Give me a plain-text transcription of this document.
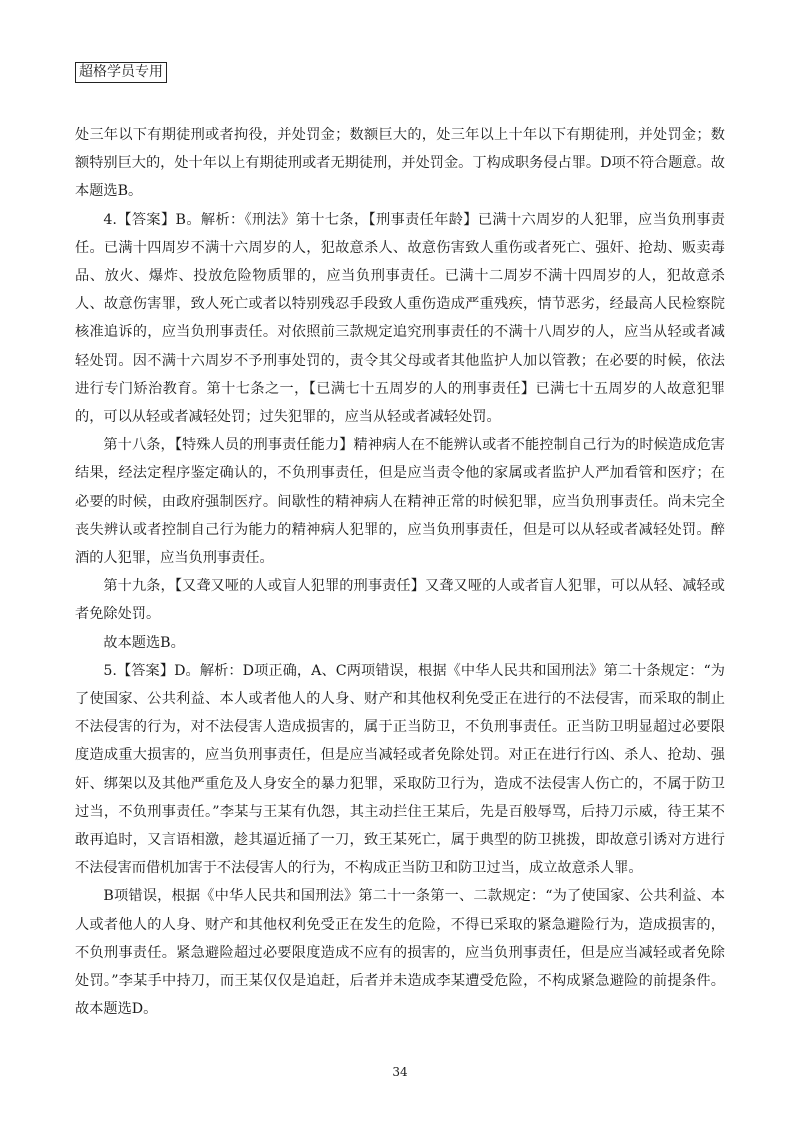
超格学员专用

处三年以下有期徒刑或者拘役，并处罚金；数额巨大的，处三年以上十年以下有期徒刑，并处罚金；数额特别巨大的，处十年以上有期徒刑或者无期徒刑，并处罚金。丁构成职务侵占罪。D项不符合题意。故本题选B。

4.【答案】B。解析：《刑法》第十七条，【刑事责任年龄】已满十六周岁的人犯罪，应当负刑事责任。已满十四周岁不满十六周岁的人，犯故意杀人、故意伤害致人重伤或者死亡、强奸、抢劫、贩卖毒品、放火、爆炸、投放危险物质罪的，应当负刑事责任。已满十二周岁不满十四周岁的人，犯故意杀人、故意伤害罪，致人死亡或者以特别残忍手段致人重伤造成严重残疾，情节恶劣，经最高人民检察院核准追诉的，应当负刑事责任。对依照前三款规定追究刑事责任的不满十八周岁的人，应当从轻或者减轻处罚。因不满十六周岁不予刑事处罚的，责令其父母或者其他监护人加以管教；在必要的时候，依法进行专门矫治教育。第十七条之一，【已满七十五周岁的人的刑事责任】已满七十五周岁的人故意犯罪的，可以从轻或者减轻处罚；过失犯罪的，应当从轻或者减轻处罚。

第十八条，【特殊人员的刑事责任能力】精神病人在不能辨认或者不能控制自己行为的时候造成危害结果，经法定程序鉴定确认的，不负刑事责任，但是应当责令他的家属或者监护人严加看管和医疗；在必要的时候，由政府强制医疗。间歇性的精神病人在精神正常的时候犯罪，应当负刑事责任。尚未完全丧失辨认或者控制自己行为能力的精神病人犯罪的，应当负刑事责任，但是可以从轻或者减轻处罚。醉酒的人犯罪，应当负刑事责任。

第十九条，【又聋又哑的人或盲人犯罪的刑事责任】又聋又哑的人或者盲人犯罪，可以从轻、减轻或者免除处罚。

故本题选B。

5.【答案】D。解析：D项正确，A、C两项错误，根据《中华人民共和国刑法》第二十条规定：“为了使国家、公共利益、本人或者他人的人身、财产和其他权利免受正在进行的不法侵害，而采取的制止不法侵害的行为，对不法侵害人造成损害的，属于正当防卫，不负刑事责任。正当防卫明显超过必要限度造成重大损害的，应当负刑事责任，但是应当减轻或者免除处罚。对正在进行行凶、杀人、抢劫、强奸、绑架以及其他严重危及人身安全的暴力犯罪，采取防卫行为，造成不法侵害人伤亡的，不属于防卫过当，不负刑事责任。”李某与王某有仇怨，其主动拦住王某后，先是百般辱骂，后持刀示威，待王某不敢再追时，又言语相激，趁其逼近捅了一刀，致王某死亡，属于典型的防卫挑拨，即故意引诱对方进行不法侵害而借机加害于不法侵害人的行为，不构成正当防卫和防卫过当，成立故意杀人罪。

B项错误，根据《中华人民共和国刑法》第二十一条第一、二款规定：“为了使国家、公共利益、本人或者他人的人身、财产和其他权利免受正在发生的危险，不得已采取的紧急避险行为，造成损害的，不负刑事责任。紧急避险超过必要限度造成不应有的损害的，应当负刑事责任，但是应当减轻或者免除处罚。”李某手中持刀，而王某仅仅是追赶，后者并未造成李某遭受危险，不构成紧急避险的前提条件。故本题选D。

34
